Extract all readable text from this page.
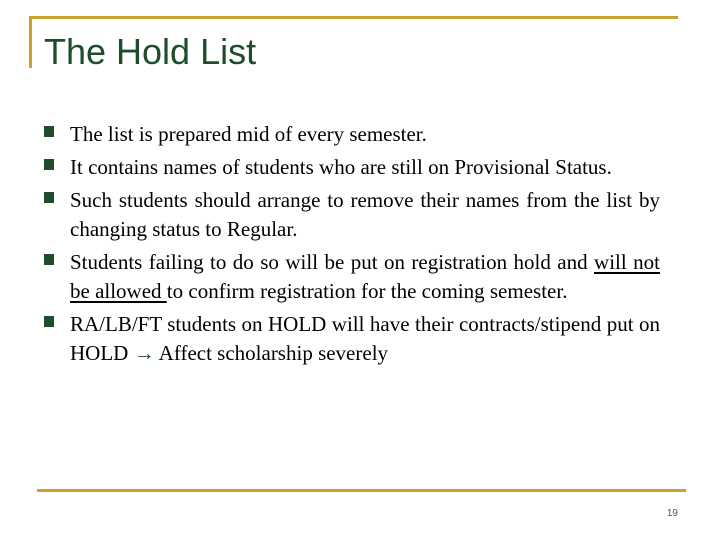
The Hold List
The list is prepared mid of every semester.
It contains names of students who are still on Provisional Status.
Such students should arrange to remove their names from the list by changing status to Regular.
Students failing to do so will be put on registration hold and will not be allowed to confirm registration for the coming semester.
RA/LB/FT students on HOLD will have their contracts/stipend put on HOLD → Affect scholarship severely
19
